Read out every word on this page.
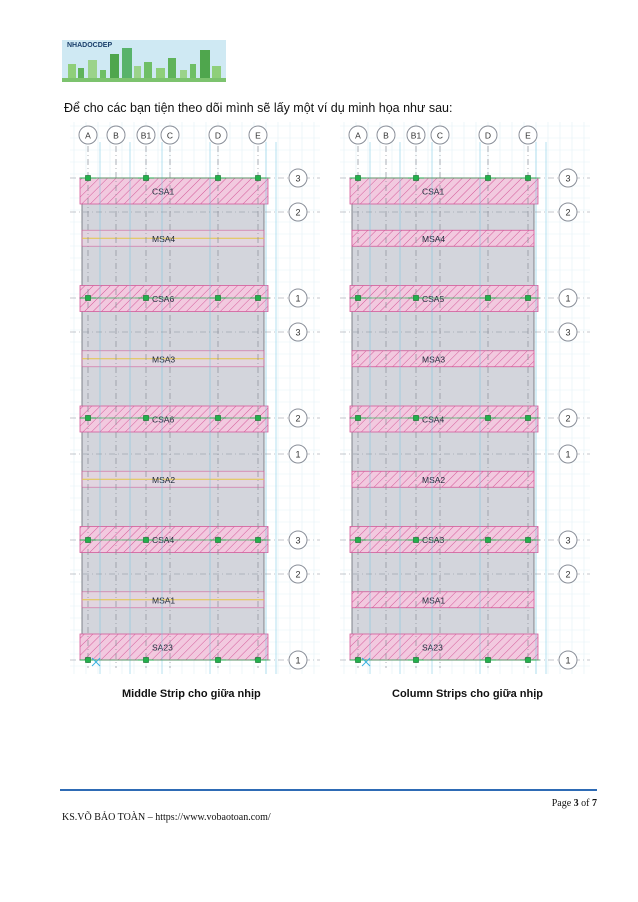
NHADOCDEP
Để cho các bạn tiện theo dõi mình sẽ lấy một ví dụ minh họa như sau:
CSA1
MSA4
CSA6
MSA3
CSA6
MSA2
CSA4
MSA1
SA23
3
2
1
3
2
1
3
2
1
A	B	B1 C	D	E
CSA1
MSA4
CSA5
MSA3
CSA4
MSA2
CSA3
MSA1
SA23
3
2
1
3
2
1
3
2
1
A	B	B1 C	D	E
Middle Strip cho giữa nhịp	Column Strips cho giữa nhịp
Page 3 of 7
KS.VÕ BẢO TOÀN – https://www.vobaotoan.com/
